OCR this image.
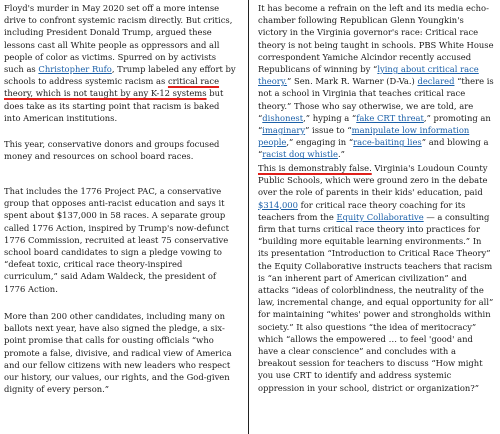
Floyd's murder in May 2020 set off a more intense drive to confront systemic racism directly. But critics, including President Donald Trump, argued these lessons cast all White people as oppressors and all people of color as victims. Spurred on by activists such as Christopher Rufo, Trump labeled any effort by schools to address systemic racism as critical race theory, which is not taught by any K-12 systems but does take as its starting point that racism is baked into American institutions.

This year, conservative donors and groups focused money and resources on school board races.

That includes the 1776 Project PAC, a conservative group that opposes anti-racist education and says it spent about $137,000 in 58 races. A separate group called 1776 Action, inspired by Trump's now-defunct 1776 Commission, recruited at least 75 conservative school board candidates to sign a pledge vowing to “defeat toxic, critical race theory-inspired curriculum,” said Adam Waldeck, the president of 1776 Action.

More than 200 other candidates, including many on ballots next year, have also signed the pledge, a six-point promise that calls for ousting officials “who promote a false, divisive, and radical view of America and our fellow citizens with new leaders who respect our history, our values, our rights, and the God-given dignity of every person.”

It has become a refrain on the left and its media echo-chamber following Republican Glenn Youngkin's victory in the Virginia governor's race: Critical race theory is not being taught in schools. PBS White House correspondent Yamiche Alcindor recently accused Republicans of winning by “lying about critical race theory.” Sen. Mark R. Warner (D-Va.) declared “there is not a school in Virginia that teaches critical race theory.” Those who say otherwise, we are told, are “dishonest,” hyping a “fake CRT threat,” promoting an “imaginary” issue to “manipulate low information people,” engaging in “race-baiting lies” and blowing a “racist dog whistle.”

This is demonstrably false. Virginia's Loudoun County Public Schools, which were ground zero in the debate over the role of parents in their kids' education, paid $314,000 for critical race theory coaching for its teachers from the Equity Collaborative — a consulting firm that turns critical race theory into practices for “building more equitable learning environments.” In its presentation “Introduction to Critical Race Theory” the Equity Collaborative instructs teachers that racism is “an inherent part of American civilization” and attacks “ideas of colorblindness, the neutrality of the law, incremental change, and equal opportunity for all” for maintaining “whites' power and strongholds within society.” It also questions “the idea of meritocracy” which “allows the empowered … to feel 'good' and have a clear conscience” and concludes with a breakout session for teachers to discuss “How might you use CRT to identify and address systemic oppression in your school, district or organization?”
